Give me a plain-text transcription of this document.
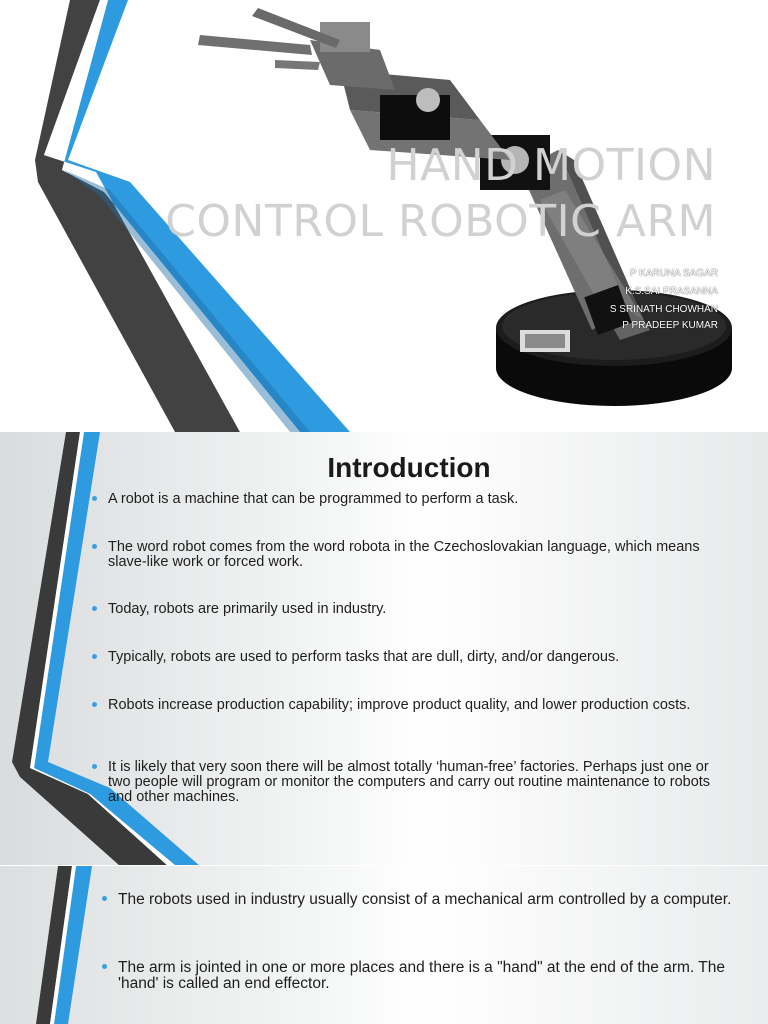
HAND MOTION
CONTROL ROBOTIC ARM
P KARUNA SAGAR
K.S.SAI PRASANNA
S SRINATH CHOWHAN
P PRADEEP KUMAR
Introduction
A robot is a machine that can be programmed to perform a task.
The word robot comes from the word robota in the Czechoslovakian language, which means slave-like work or forced work.
Today, robots are primarily used in industry.
Typically, robots are used to perform tasks that are dull, dirty, and/or dangerous.
Robots increase production capability; improve product quality, and lower production costs.
It is likely that very soon there will be almost totally ‘human-free’ factories. Perhaps just one or two people will program or monitor the computers and carry out routine maintenance to robots and other machines.
The robots used in industry usually consist of a mechanical arm controlled by a computer.
The arm is jointed in one or more places and there is a "hand" at the end of the arm. The 'hand' is called an end effector.
